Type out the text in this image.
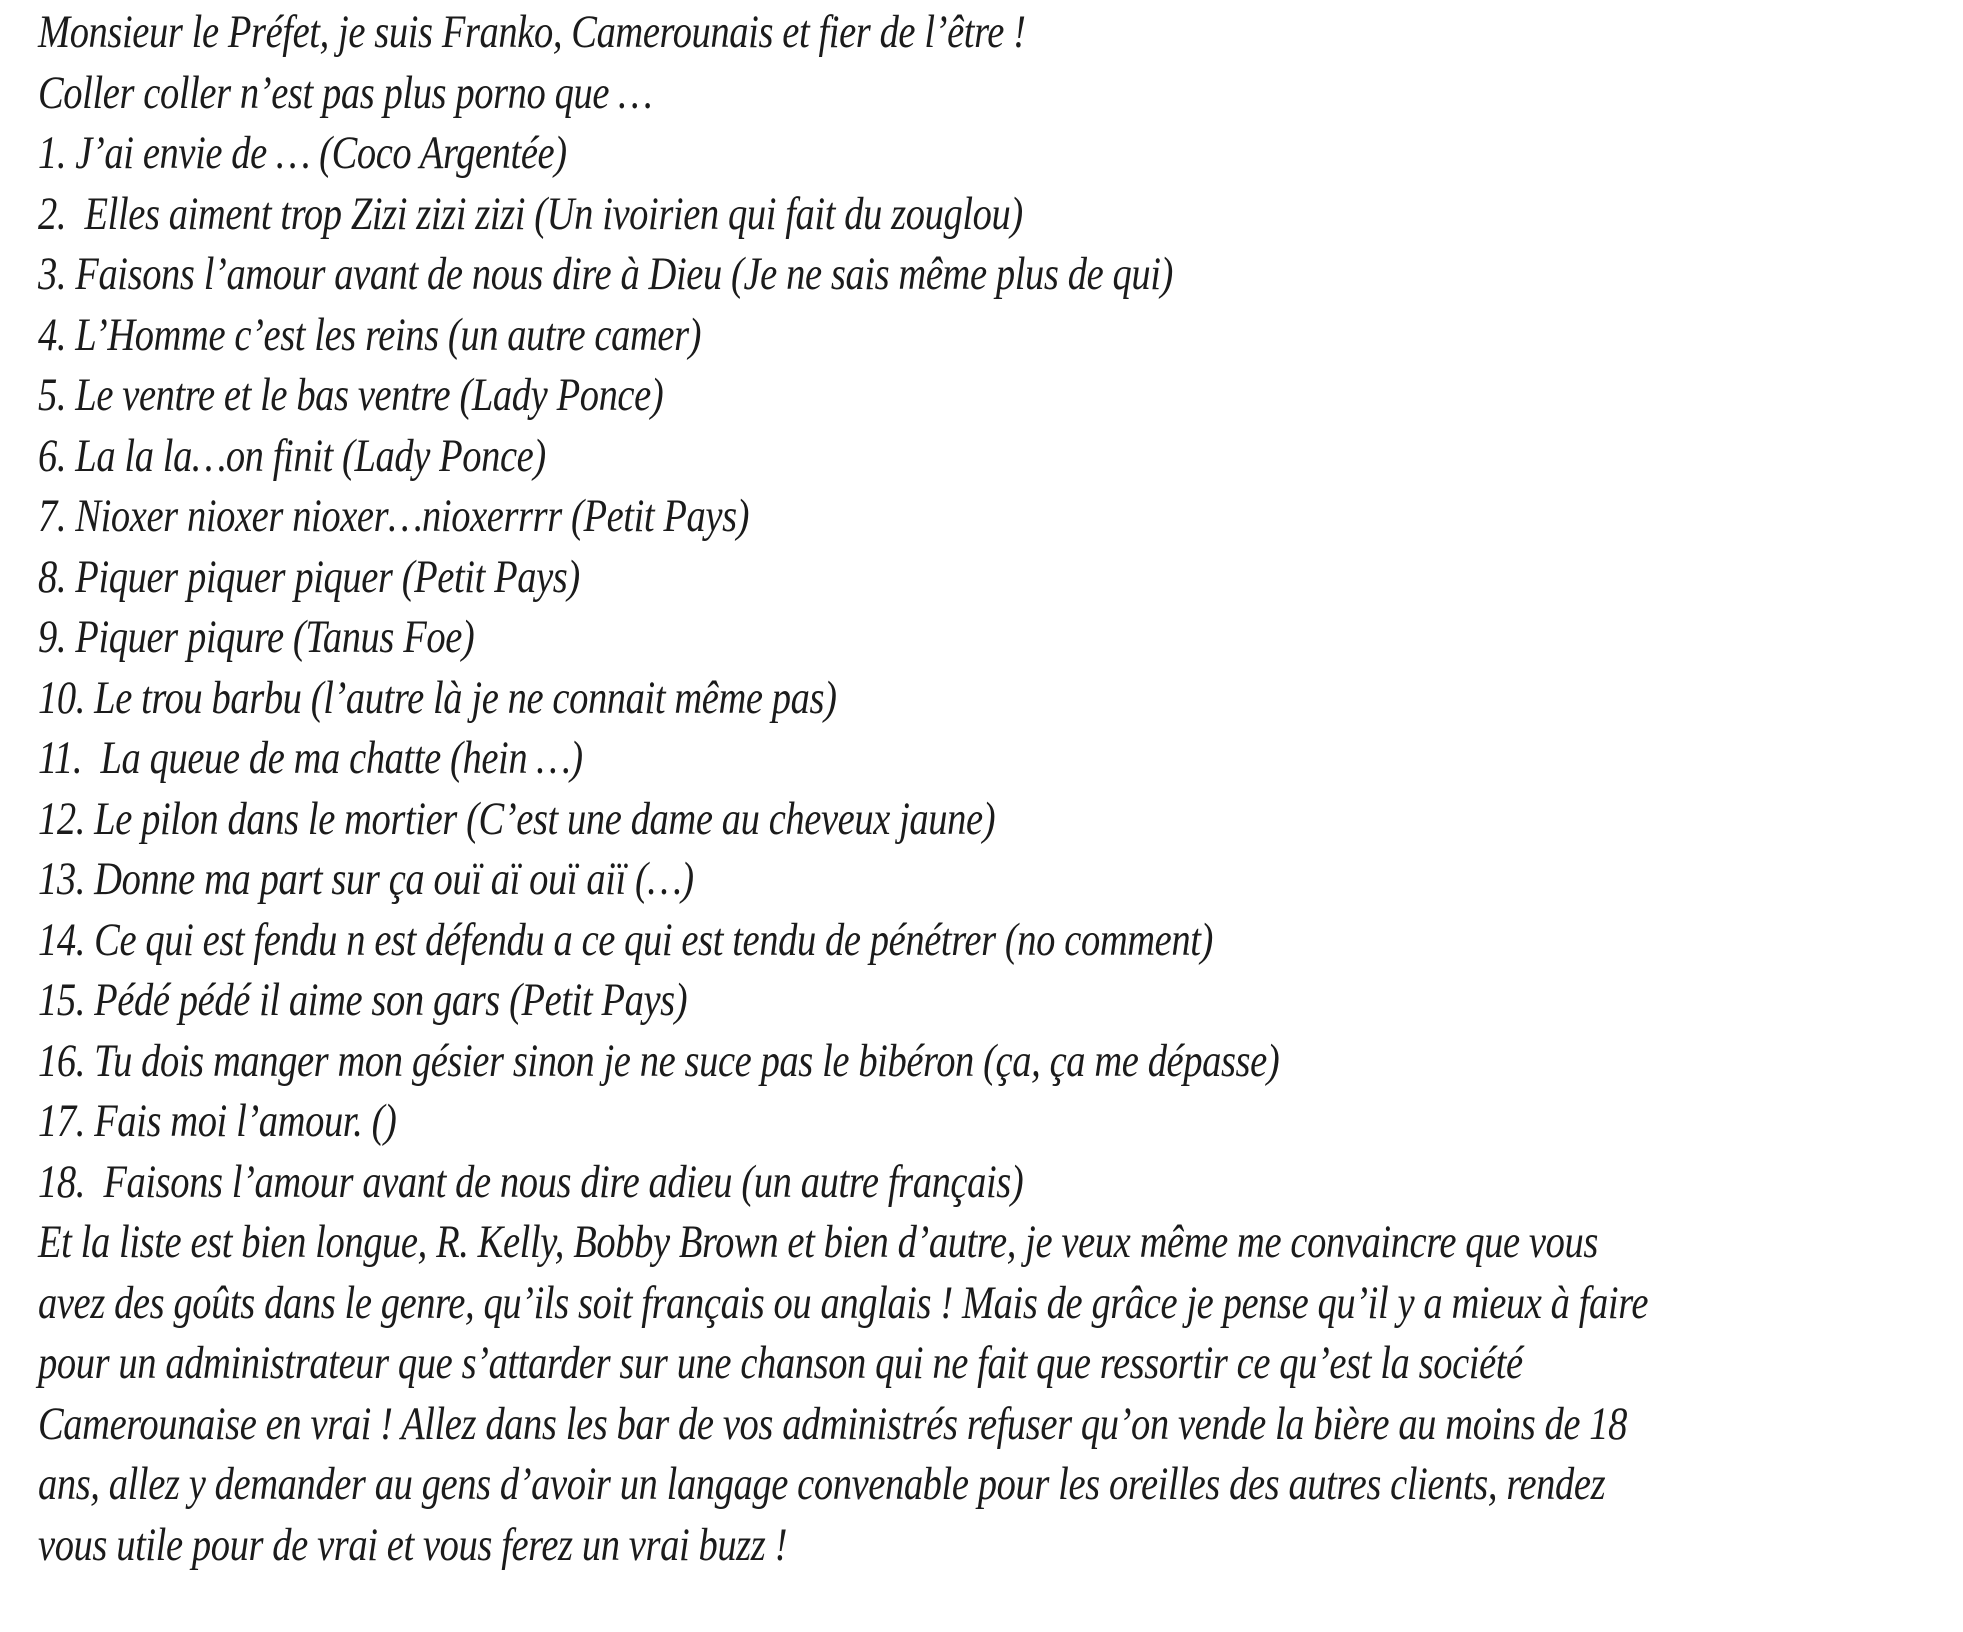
Monsieur le Préfet, je suis Franko, Camerounais et fier de l’être !
Coller coller n’est pas plus porno que …
1. J’ai envie de … (Coco Argentée)
2.  Elles aiment trop Zizi zizi zizi (Un ivoirien qui fait du zouglou)
3. Faisons l’amour avant de nous dire à Dieu (Je ne sais même plus de qui)
4. L’Homme c’est les reins (un autre camer)
5. Le ventre et le bas ventre (Lady Ponce)
6. La la la…on finit (Lady Ponce)
7. Nioxer nioxer nioxer…nioxerrrr (Petit Pays)
8. Piquer piquer piquer (Petit Pays)
9. Piquer piqure (Tanus Foe)
10. Le trou barbu (l’autre là je ne connait même pas)
11.  La queue de ma chatte (hein …)
12. Le pilon dans le mortier (C’est une dame au cheveux jaune)
13. Donne ma part sur ça ouï aï ouï aiï (…)
14. Ce qui est fendu n est défendu a ce qui est tendu de pénétrer (no comment)
15. Pédé pédé il aime son gars (Petit Pays)
16. Tu dois manger mon gésier sinon je ne suce pas le bibéron (ça, ça me dépasse)
17. Fais moi l’amour. ()
18.  Faisons l’amour avant de nous dire adieu (un autre français)
Et la liste est bien longue, R. Kelly, Bobby Brown et bien d’autre, je veux même me convaincre que vous
avez des goûts dans le genre, qu’ils soit français ou anglais ! Mais de grâce je pense qu’il y a mieux à faire
pour un administrateur que s’attarder sur une chanson qui ne fait que ressortir ce qu’est la société
Camerounaise en vrai ! Allez dans les bar de vos administrés refuser qu’on vende la bière au moins de 18
ans, allez y demander au gens d’avoir un langage convenable pour les oreilles des autres clients, rendez
vous utile pour de vrai et vous ferez un vrai buzz !
